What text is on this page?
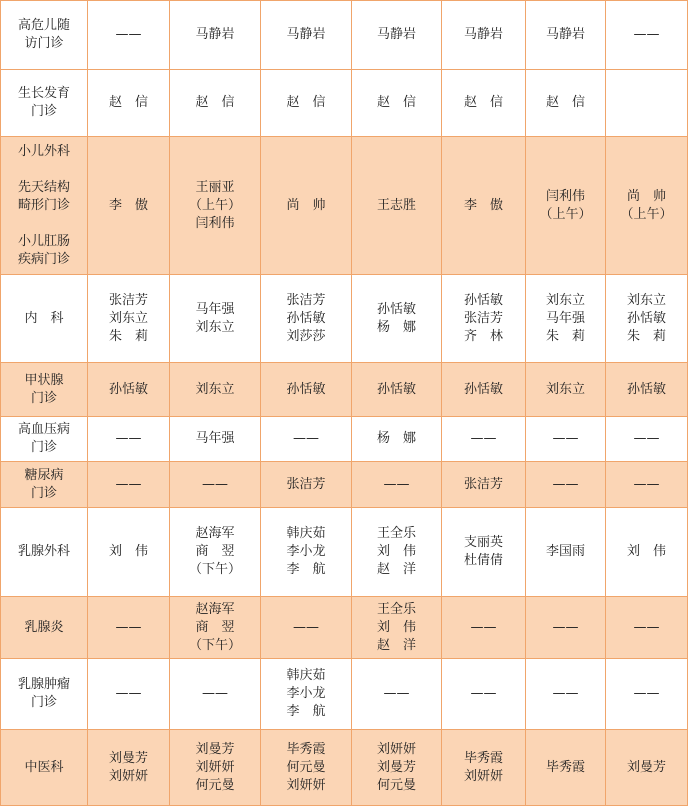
高危儿随
访门诊	——	马静岩	马静岩	马静岩	马静岩	马静岩	——

生长发育
门诊	赵　信	赵　信	赵　信	赵　信	赵　信	赵　信	

小儿外科
先天结构
畸形门诊
小儿肛肠
疾病门诊	李　傲	王丽亚
（上午）
闫利伟	尚　帅	王志胜	李　傲	闫利伟
（上午）	尚　帅
（上午）

内　科	张洁芳
刘东立
朱　莉	马年强
刘东立	张洁芳
孙恬敏
刘莎莎	孙恬敏
杨　娜	孙恬敏
张洁芳
齐　林	刘东立
马年强
朱　莉	刘东立
孙恬敏
朱　莉

甲状腺
门诊	孙恬敏	刘东立	孙恬敏	孙恬敏	孙恬敏	刘东立	孙恬敏

高血压病
门诊	——	马年强	——	杨　娜	——	——	——

糖尿病
门诊	——	——	张洁芳	——	张洁芳	——	——

乳腺外科	刘　伟	赵海军
商　翌
（下午）	韩庆茹
李小龙
李　航	王全乐
刘　伟
赵　洋	支丽英
杜倩倩	李国雨	刘　伟

乳腺炎	——	赵海军
商　翌
（下午）	——	王全乐
刘　伟
赵　洋	——	——	——

乳腺肿瘤
门诊	——	——	韩庆茹
李小龙
李　航	——	——	——	——

中医科	刘曼芳
刘妍妍	刘曼芳
刘妍妍
何元曼	毕秀霞
何元曼
刘妍妍	刘妍妍
刘曼芳
何元曼	毕秀霞
刘妍妍	毕秀霞	刘曼芳
